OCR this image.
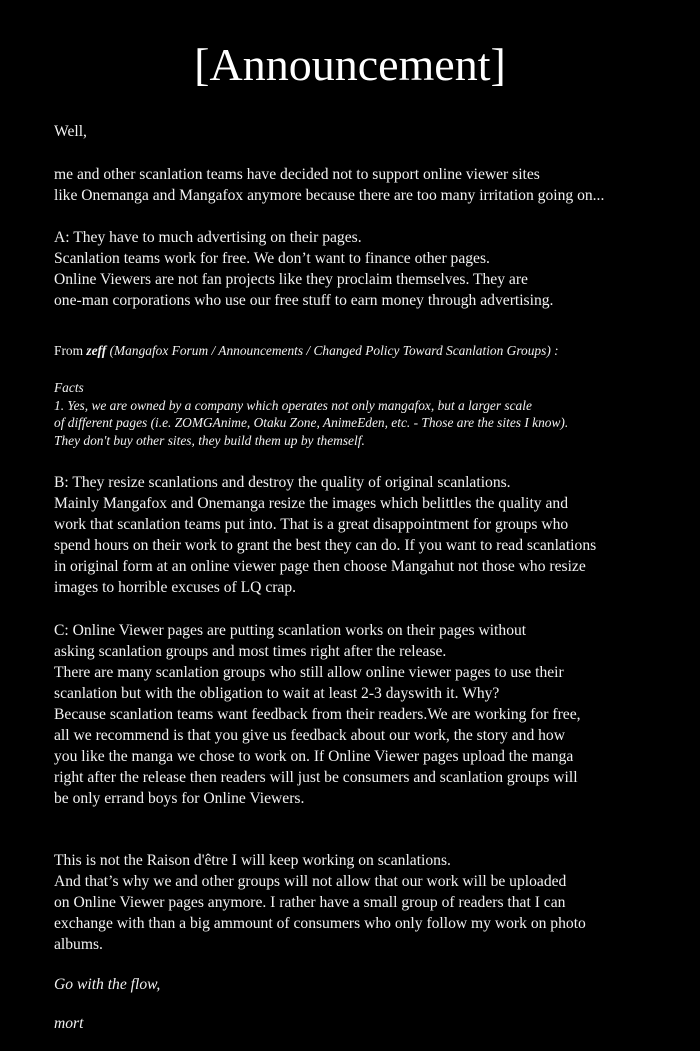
[Announcement]

Well,

me and other scanlation teams have decided not to support online viewer sites
like Onemanga and Mangafox anymore because there are too many irritation going on...

A: They have to much advertising on their pages.
Scanlation teams work for free. We don’t want to finance other pages.
Online Viewers are not fan projects like they proclaim themselves. They are
one-man corporations who use our free stuff to earn money through advertising.

From zeff (Mangafox Forum / Announcements / Changed Policy Toward Scanlation Groups) :

Facts
1. Yes, we are owned by a company which operates not only mangafox, but a larger scale
of different pages (i.e. ZOMGAnime, Otaku Zone, AnimeEden, etc. - Those are the sites I know).
They don't buy other sites, they build them up by themself.

B: They resize scanlations and destroy the quality of original scanlations.
Mainly Mangafox and Onemanga resize the images which belittles the quality and
work that scanlation teams put into. That is a great disappointment for groups who
spend hours on their work to grant the best they can do. If you want to read scanlations
in original form at an online viewer page then choose Mangahut not those who resize
images to horrible excuses of LQ crap.

C: Online Viewer pages are putting scanlation works on their pages without
asking scanlation groups and most times right after the release.
There are many scanlation groups who still allow online viewer pages to use their
scanlation but with the obligation to wait at least 2-3 dayswith it. Why?
Because scanlation teams want feedback from their readers.We are working for free,
all we recommend is that you give us feedback about our work, the story and how
you like the manga we chose to work on. If Online Viewer pages upload the manga
right after the release then readers will just be consumers and scanlation groups will
be only errand boys for Online Viewers.

This is not the Raison d'être I will keep working on scanlations.
And that’s why we and other groups will not allow that our work will be uploaded
on Online Viewer pages anymore. I rather have a small group of readers that I can
exchange with than a big ammount of consumers who only follow my work on photo
albums.

Go with the flow,

mort
